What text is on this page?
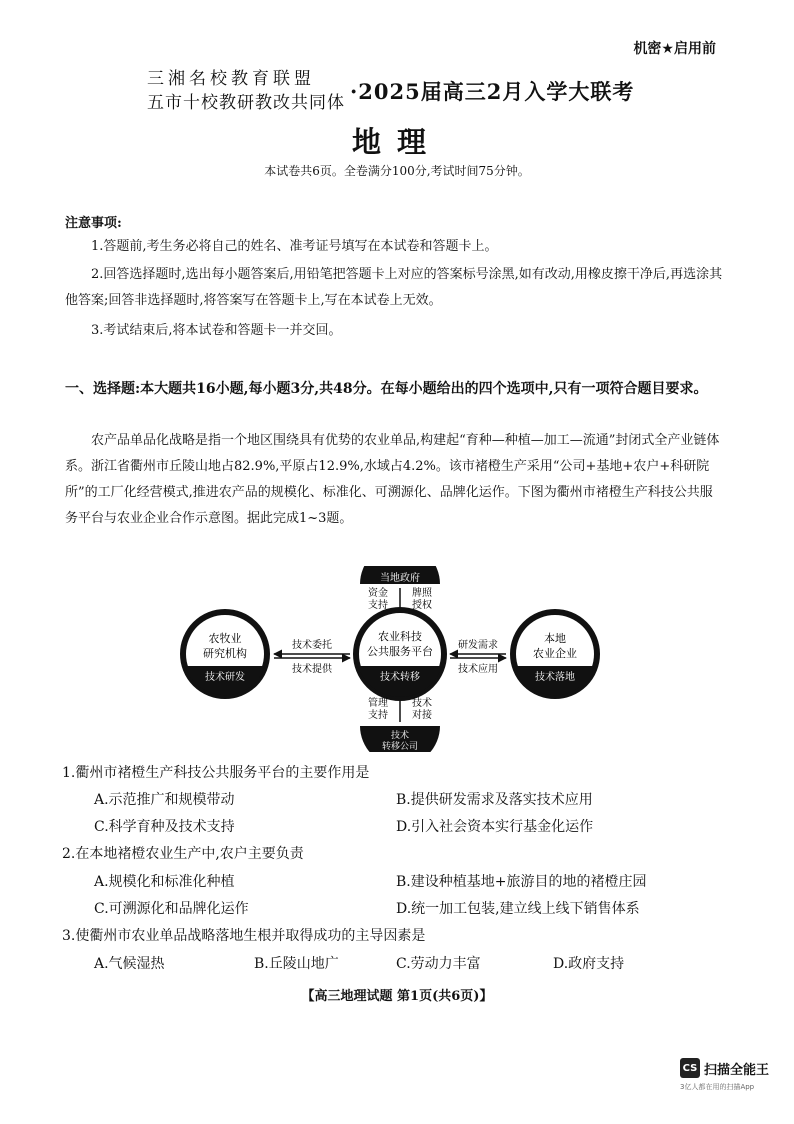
机密★启用前
三湘名校教育联盟
五市十校教研教改共同体 ·2025届高三2月入学大联考
地理
本试卷共6页。全卷满分100分,考试时间75分钟。
注意事项:
1.答题前,考生务必将自己的姓名、准考证号填写在本试卷和答题卡上。
2.回答选择题时,选出每小题答案后,用铅笔把答题卡上对应的答案标号涂黑,如有改动,用橡皮擦干净后,再选涂其他答案;回答非选择题时,将答案写在答题卡上,写在本试卷上无效。
3.考试结束后,将本试卷和答题卡一并交回。
一、选择题:本大题共16小题,每小题3分,共48分。在每小题给出的四个选项中,只有一项符合题目要求。
农产品单品化战略是指一个地区围绕具有优势的农业单品,构建起“育种—种植—加工—流通”封闭式全产业链体系。浙江省衢州市丘陵山地占82.9%,平原占12.9%,水域占4.2%。该市褚橙生产采用“公司+基地+农户+科研院所”的工厂化经营模式,推进农产品的规模化、标准化、可溯源化、品牌化运作。下图为衢州市褚橙生产科技公共服务平台与农业企业合作示意图。据此完成1~3题。
当地政府
技术
转移公司
农业科技
公共服务平台
技术转移
农牧业
研究机构
技术研发
本地
农业企业
技术落地
资金
支持
牌照
授权
管理
支持
技术
对接
技术委托
技术提供
研发需求
技术应用
1.衢州市褚橙生产科技公共服务平台的主要作用是
A.示范推广和规模带动	B.提供研发需求及落实技术应用
C.科学育种及技术支持	D.引入社会资本实行基金化运作
2.在本地褚橙农业生产中,农户主要负责
A.规模化和标准化种植	B.建设种植基地+旅游目的地的褚橙庄园
C.可溯源化和品牌化运作	D.统一加工包装,建立线上线下销售体系
3.使衢州市农业单品战略落地生根并取得成功的主导因素是
A.气候湿热	B.丘陵山地广	C.劳动力丰富	D.政府支持
【高三地理试题 第1页(共6页)】
CS 扫描全能王
3亿人都在用的扫描App
